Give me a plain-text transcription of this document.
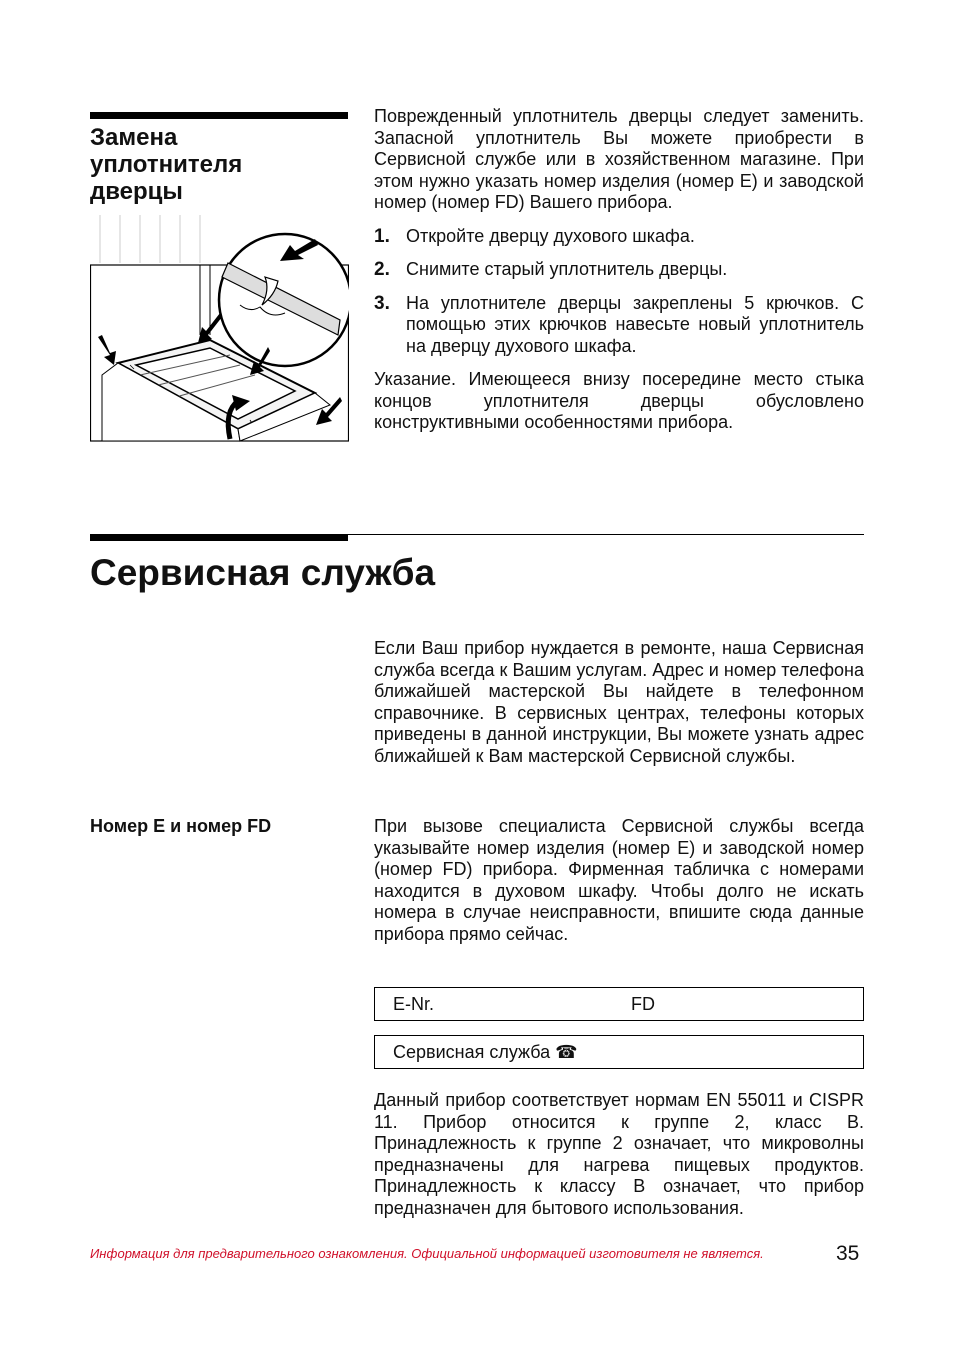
Замена
уплотнителя
дверцы

Поврежденный уплотнитель дверцы следует заменить. Запасной уплотнитель Вы можете приобрести в Сервисной службе или в хозяйственном магазине. При этом нужно указать номер изделия (номер Е) и заводской номер (номер FD) Вашего прибора.

1. Откройте дверцу духового шкафа.
2. Снимите старый уплотнитель дверцы.
3. На уплотнителе дверцы закреплены 5 крючков. С помощью этих крючков навесьте новый уплотнитель на дверцу духового шкафа.

Указание. Имеющееся внизу посередине место стыка концов уплотнителя дверцы обусловлено конструктивными особенностями прибора.

Сервисная служба
Если Ваш прибор нуждается в ремонте, наша Сервисная служба всегда к Вашим услугам. Адрес и номер телефона ближайшей мастерской Вы найдете в телефонном справочнике. В сервисных центрах, телефоны которых приведены в данной инструкции, Вы можете узнать адрес ближайшей к Вам мастерской Сервисной службы.
Номер E и номер FD	При вызове специалиста Сервисной службы всегда указывайте номер изделия (номер Е) и заводской номер (номер FD) прибора. Фирменная табличка с номерами находится в духовом шкафу. Чтобы долго не искать номера в случае неисправности, впишите сюда данные прибора прямо сейчас.
E-Nr.	FD
Сервисная служба ☎
Данный прибор соответствует нормам EN 55011 и CISPR 11. Прибор относится к группе 2, класс B. Принадлежность к группе 2 означает, что микроволны предназначены для нагрева пищевых продуктов. Принадлежность к классу B означает, что прибор предназначен для бытового использования.
Информация для предварительного ознакомления. Официальной информацией изготовителя не является.	35
